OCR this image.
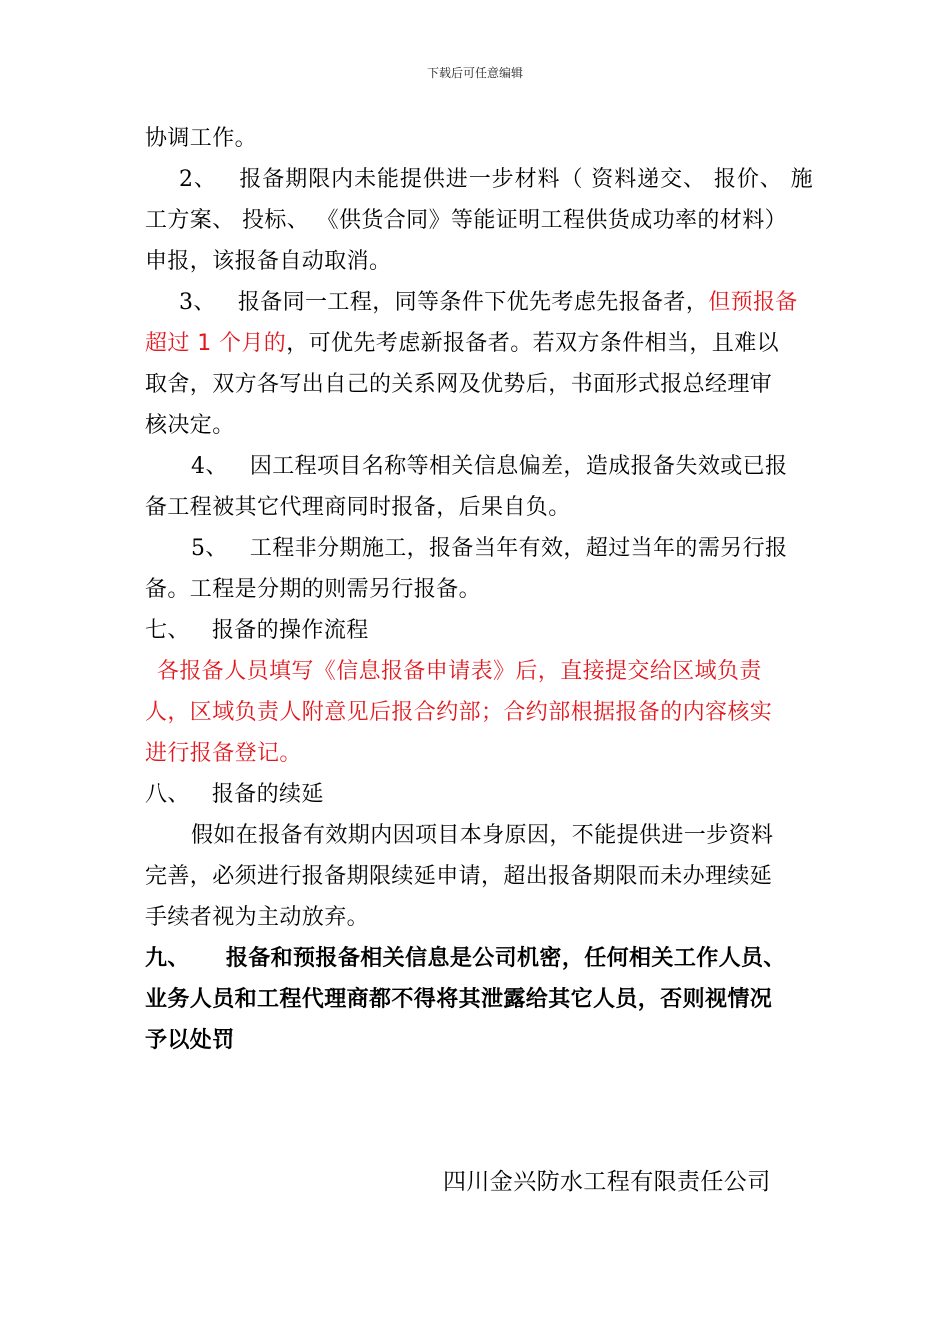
下载后可任意编辑
协调工作。
2、 报备期限内未能提供进一步材料（ 资料递交、 报价、 施
工方案、 投标、 《供货合同》等能证明工程供货成功率的材料）
申报，该报备自动取消。
3、 报备同一工程，同等条件下优先考虑先报备者，但预报备
超过 1 个月的，可优先考虑新报备者。若双方条件相当，且难以
取舍，双方各写出自己的关系网及优势后，书面形式报总经理审
核决定。
4、 因工程项目名称等相关信息偏差，造成报备失效或已报
备工程被其它代理商同时报备，后果自负。
5、 工程非分期施工，报备当年有效，超过当年的需另行报
备。工程是分期的则需另行报备。
七、 报备的操作流程
各报备人员填写《信息报备申请表》后，直接提交给区域负责
人，区域负责人附意见后报合约部；合约部根据报备的内容核实
进行报备登记。
八、 报备的续延
假如在报备有效期内因项目本身原因，不能提供进一步资料
完善，必须进行报备期限续延申请，超出报备期限而未办理续延
手续者视为主动放弃。
九、 报备和预报备相关信息是公司机密，任何相关工作人员、
业务人员和工程代理商都不得将其泄露给其它人员，否则视情况
予以处罚
四川金兴防水工程有限责任公司
